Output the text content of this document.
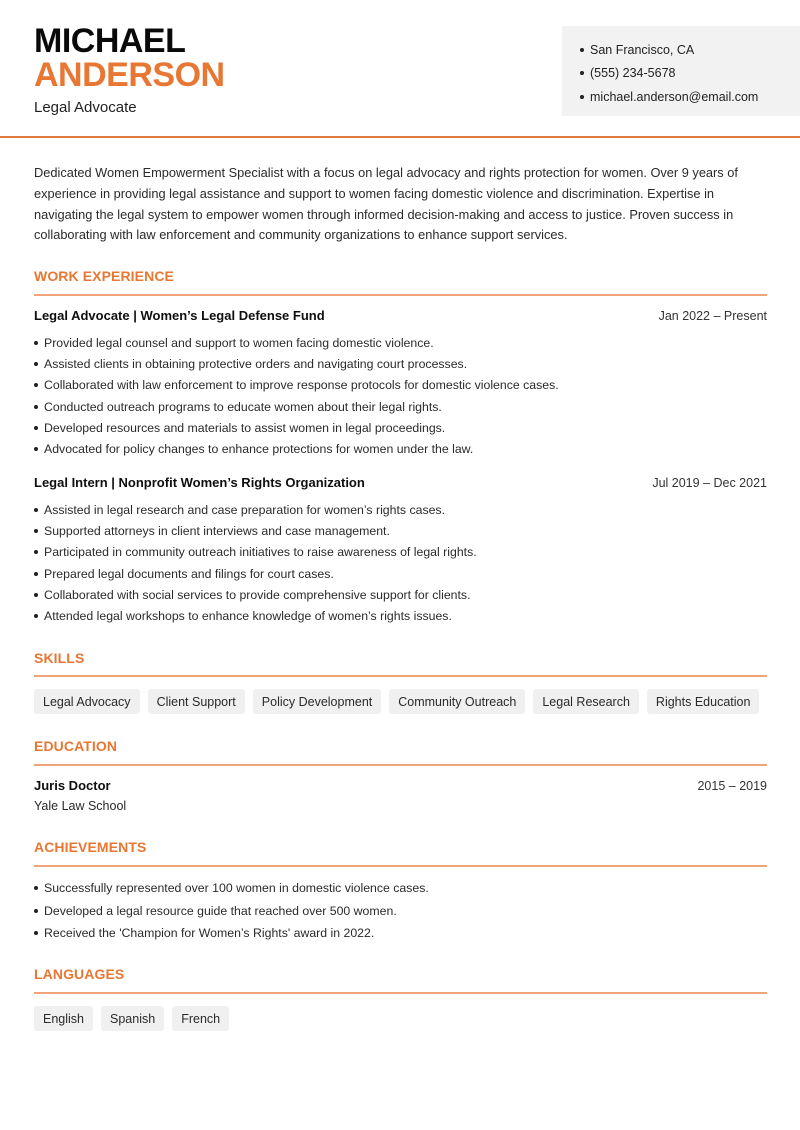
MICHAEL
ANDERSON
Legal Advocate
San Francisco, CA
(555) 234-5678
michael.anderson@email.com

Dedicated Women Empowerment Specialist with a focus on legal advocacy and rights protection for women. Over 9 years of experience in providing legal assistance and support to women facing domestic violence and discrimination. Expertise in navigating the legal system to empower women through informed decision-making and access to justice. Proven success in collaborating with law enforcement and community organizations to enhance support services.

WORK EXPERIENCE
Legal Advocate | Women’s Legal Defense Fund	Jan 2022 – Present
Provided legal counsel and support to women facing domestic violence.
Assisted clients in obtaining protective orders and navigating court processes.
Collaborated with law enforcement to improve response protocols for domestic violence cases.
Conducted outreach programs to educate women about their legal rights.
Developed resources and materials to assist women in legal proceedings.
Advocated for policy changes to enhance protections for women under the law.
Legal Intern | Nonprofit Women’s Rights Organization	Jul 2019 – Dec 2021
Assisted in legal research and case preparation for women’s rights cases.
Supported attorneys in client interviews and case management.
Participated in community outreach initiatives to raise awareness of legal rights.
Prepared legal documents and filings for court cases.
Collaborated with social services to provide comprehensive support for clients.
Attended legal workshops to enhance knowledge of women’s rights issues.
SKILLS
Legal Advocacy	Client Support	Policy Development	Community Outreach	Legal Research	Rights Education
EDUCATION
Juris Doctor	2015 – 2019
Yale Law School
ACHIEVEMENTS
Successfully represented over 100 women in domestic violence cases.
Developed a legal resource guide that reached over 500 women.
Received the 'Champion for Women’s Rights' award in 2022.
LANGUAGES
English	Spanish	French
